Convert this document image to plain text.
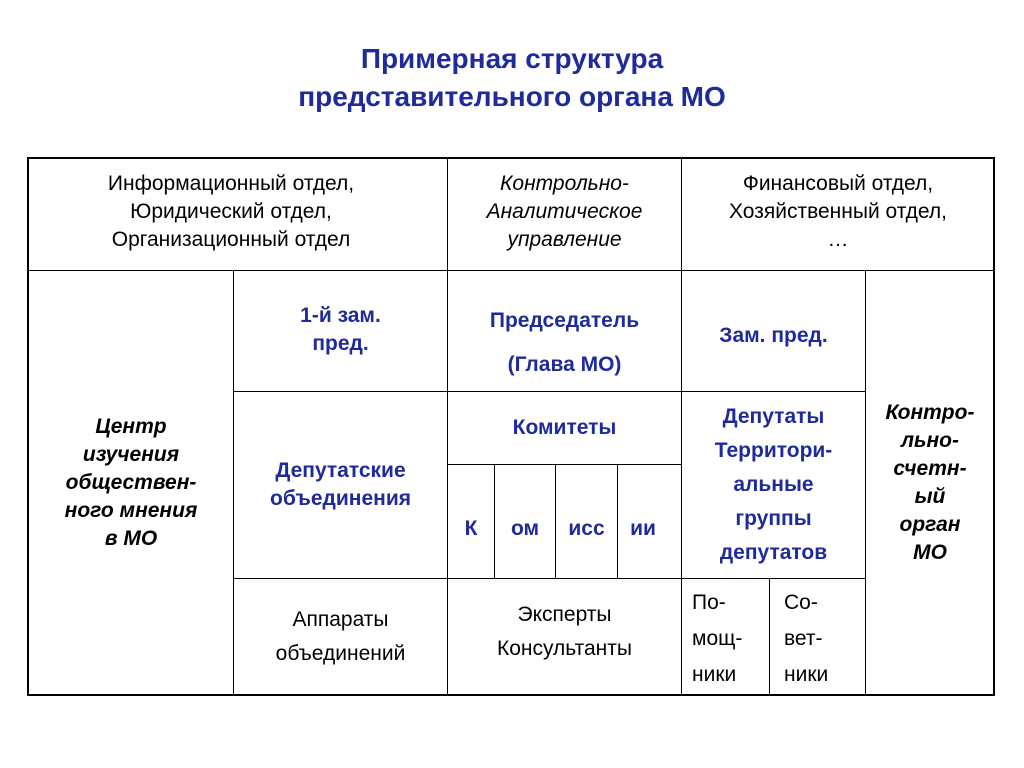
Примерная структура
представительного органа МО
Информационный отдел,
Юридический отдел,
Организационный отдел
Контрольно-
Аналитическое
управление
Финансовый отдел,
Хозяйственный отдел,
…
Центр
изучения
обществен-
ного мнения
в МО
Контро-
льно-
счетн-
ый
орган
МО
1-й зам.
пред.
Председатель
(Глава МО)
Зам. пред.
Депутатские
объединения
Комитеты
К ом исс ии
Депутаты
Территори-
альные
группы
депутатов
Аппараты
объединений
Эксперты
Консультанты
По-
мощ-
ники
Со-
вет-
ники
